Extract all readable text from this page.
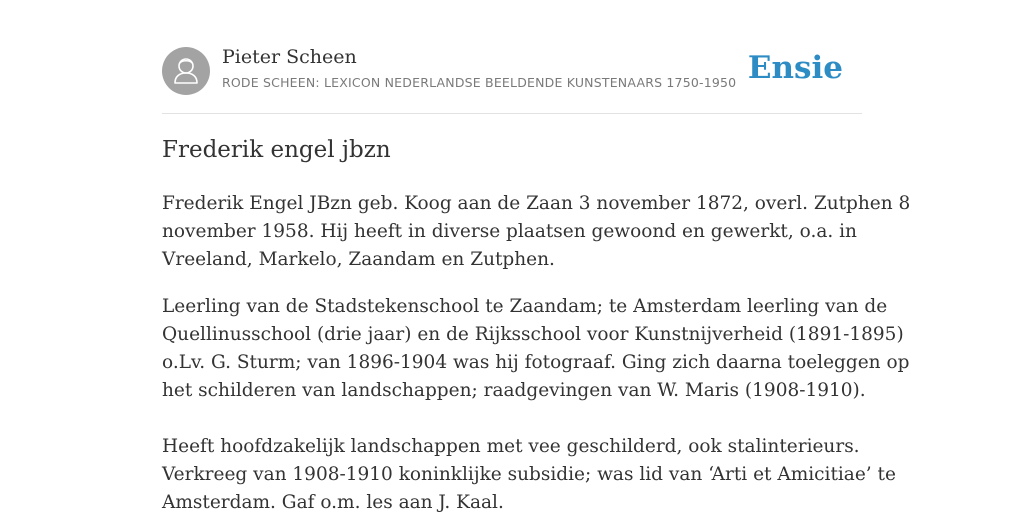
Pieter Scheen
RODE SCHEEN: LEXICON NEDERLANDSE BEELDENDE KUNSTENAARS 1750-1950 Ensie
Frederik engel jbzn

Frederik Engel JBzn geb. Koog aan de Zaan 3 november 1872, overl. Zutphen 8
november 1958. Hij heeft in diverse plaatsen gewoond en gewerkt, o.a. in
Vreeland, Markelo, Zaandam en Zutphen.

Leerling van de Stadstekenschool te Zaandam; te Amsterdam leerling van de
Quellinusschool (drie jaar) en de Rijksschool voor Kunstnijverheid (1891-1895)
o.Lv. G. Sturm; van 1896-1904 was hij fotograaf. Ging zich daarna toeleggen op
het schilderen van landschappen; raadgevingen van W. Maris (1908-1910).
Heeft hoofdzakelijk landschappen met vee geschilderd, ook stalinterieurs.
Verkreeg van 1908-1910 koninklijke subsidie; was lid van ‘Arti et Amicitiae’ te
Amsterdam. Gaf o.m. les aan J. Kaal.
